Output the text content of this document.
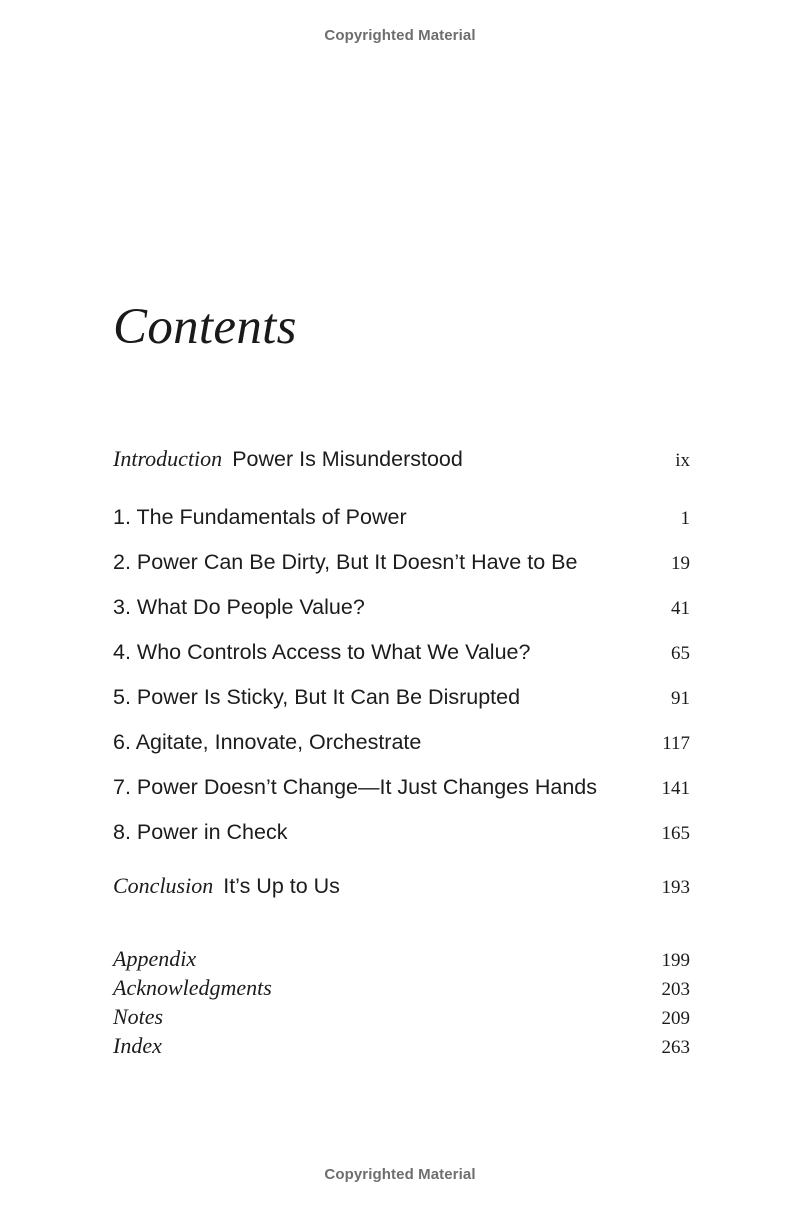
Copyrighted Material
Contents
Introduction Power Is Misunderstood	ix
1. The Fundamentals of Power	1
2. Power Can Be Dirty, But It Doesn’t Have to Be	19
3. What Do People Value?	41
4. Who Controls Access to What We Value?	65
5. Power Is Sticky, But It Can Be Disrupted	91
6. Agitate, Innovate, Orchestrate	117
7. Power Doesn’t Change—It Just Changes Hands	141
8. Power in Check	165
Conclusion It’s Up to Us	193
Appendix	199
Acknowledgments	203
Notes	209
Index	263
Copyrighted Material
